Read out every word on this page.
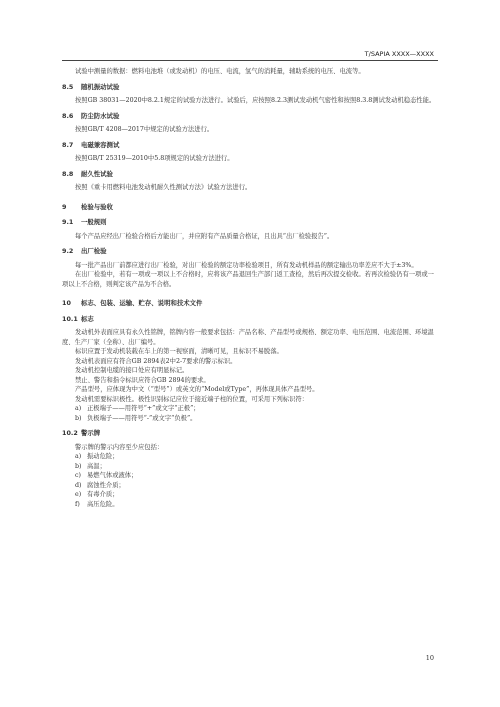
T/SAPIA XXXX—XXXX

试验中测量的数据：燃料电池堆（或发动机）的电压、电流，氢气的消耗量，辅助系统的电压、电流等。

8.5 随机振动试验

按照GB 38031—2020中8.2.1规定的试验方法进行。试验后，应按照8.2.3测试发动机气密性和按照8.3.8测试发动机稳态性能。

8.6 防尘防水试验

按照GB/T 4208—2017中规定的试验方法进行。

8.7 电磁兼容测试

按照GB/T 25319—2010中5.8项规定的试验方法进行。

8.8 耐久性试验

按照《重卡用燃料电池发动机耐久性测试方法》试验方法进行。

9 检验与验收
9.1 一般规则

每个产品应经出厂检验合格后方能出厂，并应附有产品质量合格证，且出具“出厂检验报告”。

9.2 出厂检验

每一批产品出厂前都应进行出厂检验，对出厂检验的额定功率检验项目，所有发动机样品的额定输出功率差应不大于±3%。

在出厂检验中，若有一项或一项以上不合格时，应将该产品退回生产部门返工查检，然后再次提交检收。若再次检验仍有一项或一项以上不合格，则判定该产品为不合格。

10 标志、包装、运输、贮存、说明和技术文件
10.1 标志

发动机外表面应具有永久性铭牌，铭牌内容一般要求包括：产品名称、产品型号或规格、额定功率、电压范围、电流范围、环境温度、生产厂家（全称）、出厂编号。

标识应置于发动机装载在车上的第一视察面，清晰可见，且标识不易脱落。

发动机表面应有符合GB 2894表2中2-7要求的警示标识。

发动机控制电缆的接口处应有明显标记。

禁止、警告和指令标识应符合GB 2894的要求。

产品型号，应体现为中文（“型号”）或英文的“Model或Type”，再体现具体产品型号。

发动机需要标识极性。极性识别标记应位于接近端子柱的位置，可采用下列标识符：

a) 正极端子——用符号“+”或文字“正极”；
b) 负极端子——用符号“-”或文字“负极”。
10.2 警示牌

警示牌的警示内容至少应包括：

a) 振动危险；
b) 高温；
c) 易燃气体或液体；
d) 腐蚀性介质；
e) 有毒介质；
f) 高压危险。
10
